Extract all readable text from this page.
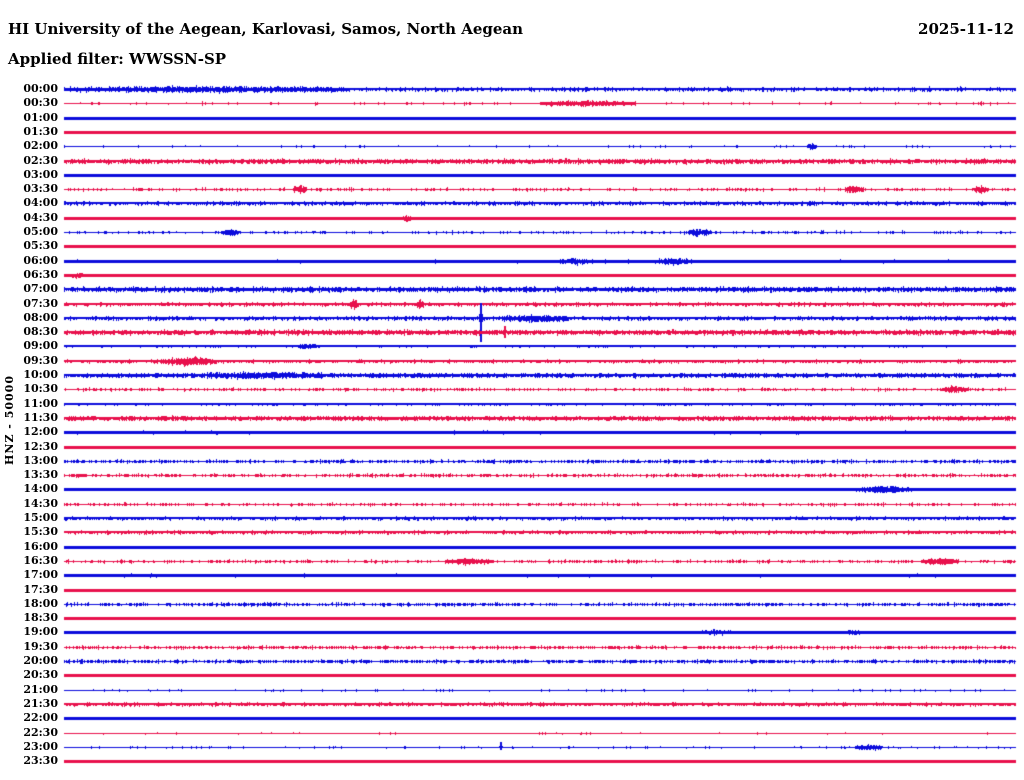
00:00
00:30
01:00
01:30
02:00
02:30
03:00
03:30
04:00
04:30
05:00
05:30
06:00
06:30
07:00
07:30
08:00
08:30
09:00
09:30
10:00
10:30
11:00
11:30
12:00
12:30
13:00
13:30
14:00
14:30
15:00
15:30
16:00
16:30
17:00
17:30
18:00
18:30
19:00
19:30
20:00
20:30
21:00
21:30
22:00
22:30
23:00
23:30
